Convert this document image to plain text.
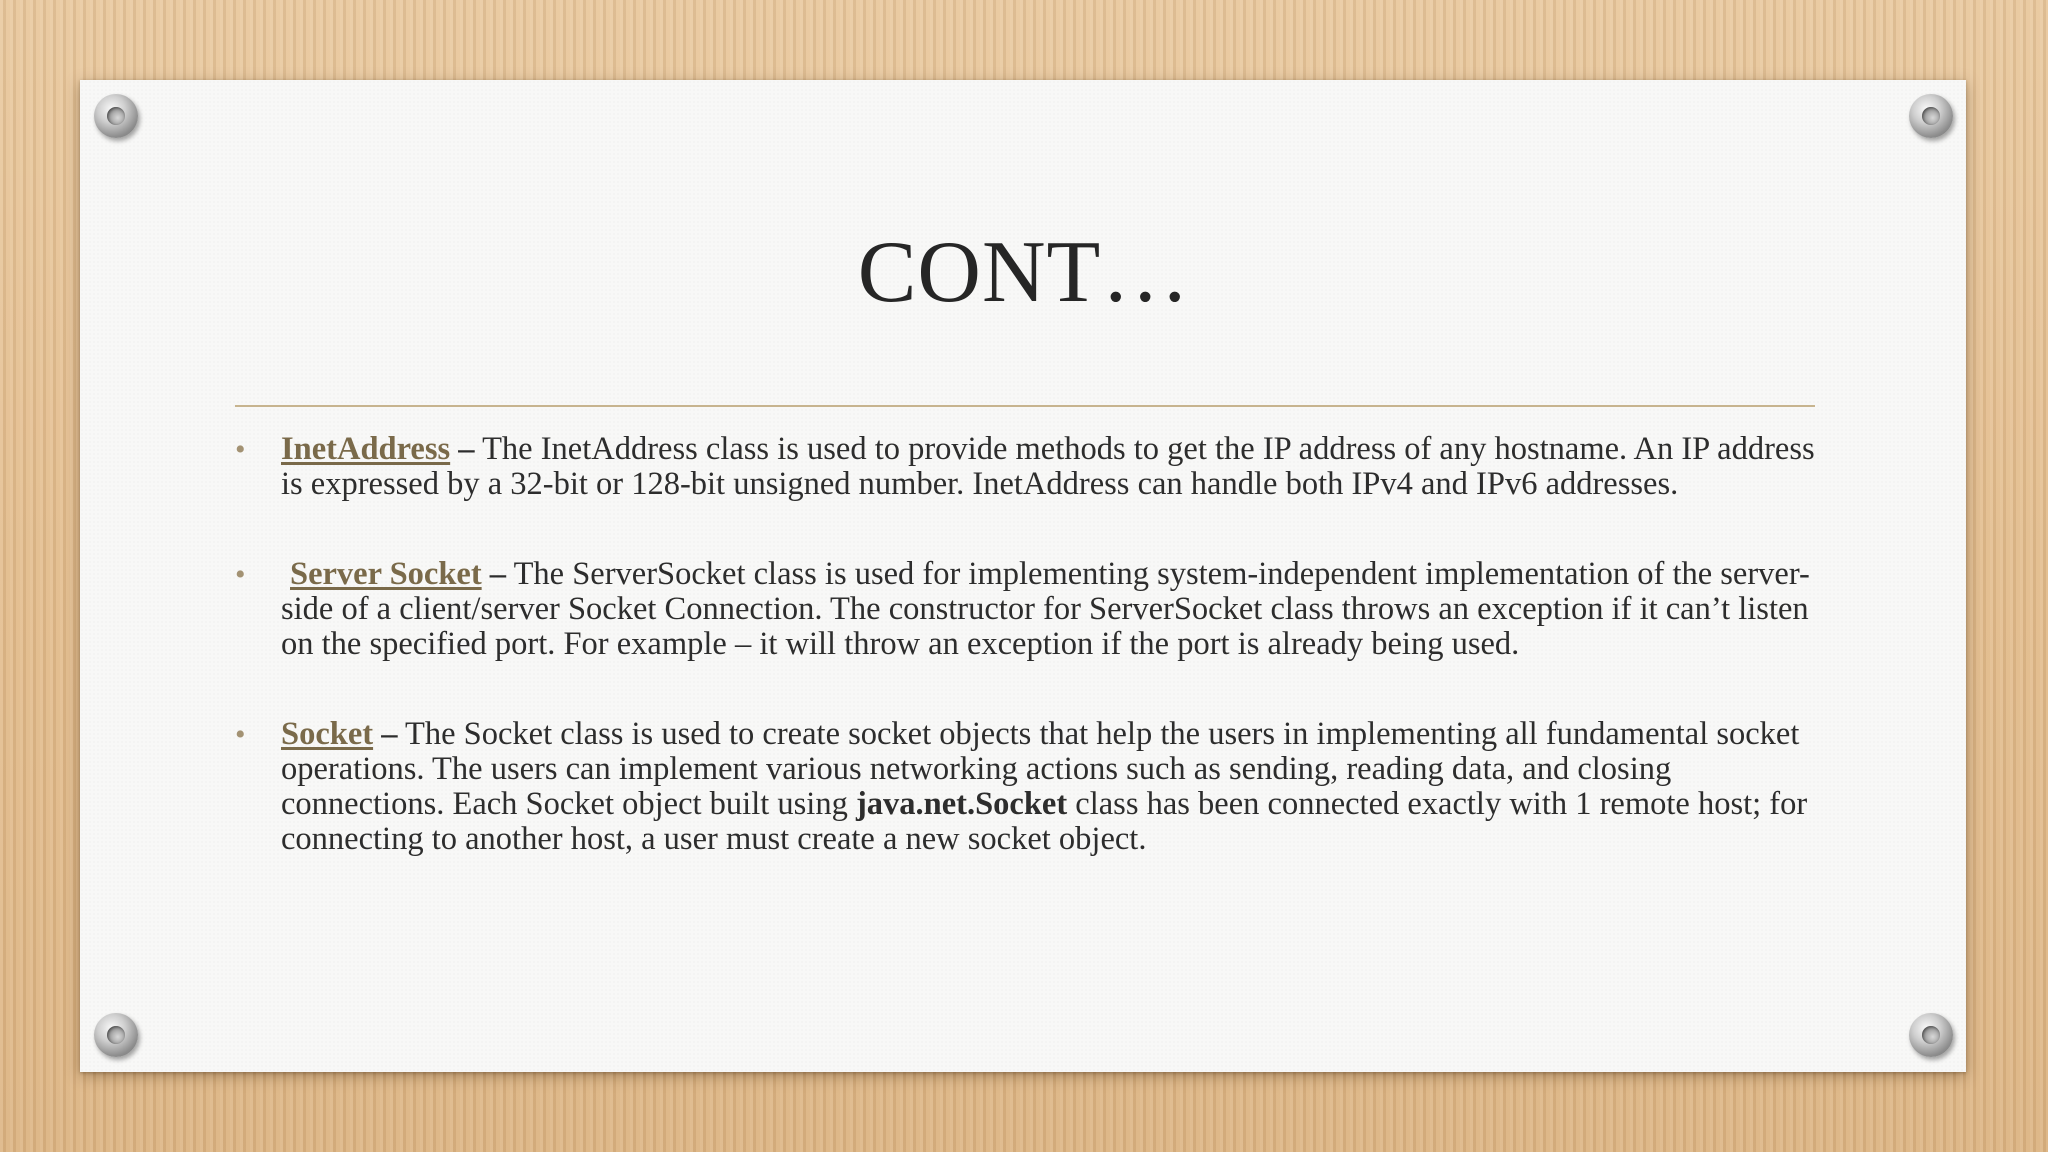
CONT…
• InetAddress – The InetAddress class is used to provide methods to get the IP address of any hostname. An IP address is expressed by a 32-bit or 128-bit unsigned number. InetAddress can handle both IPv4 and IPv6 addresses.
• Server Socket – The ServerSocket class is used for implementing system-independent implementation of the server-side of a client/server Socket Connection. The constructor for ServerSocket class throws an exception if it can’t listen on the specified port. For example – it will throw an exception if the port is already being used.
• Socket – The Socket class is used to create socket objects that help the users in implementing all fundamental socket operations. The users can implement various networking actions such as sending, reading data, and closing connections. Each Socket object built using java.net.Socket class has been connected exactly with 1 remote host; for connecting to another host, a user must create a new socket object.
